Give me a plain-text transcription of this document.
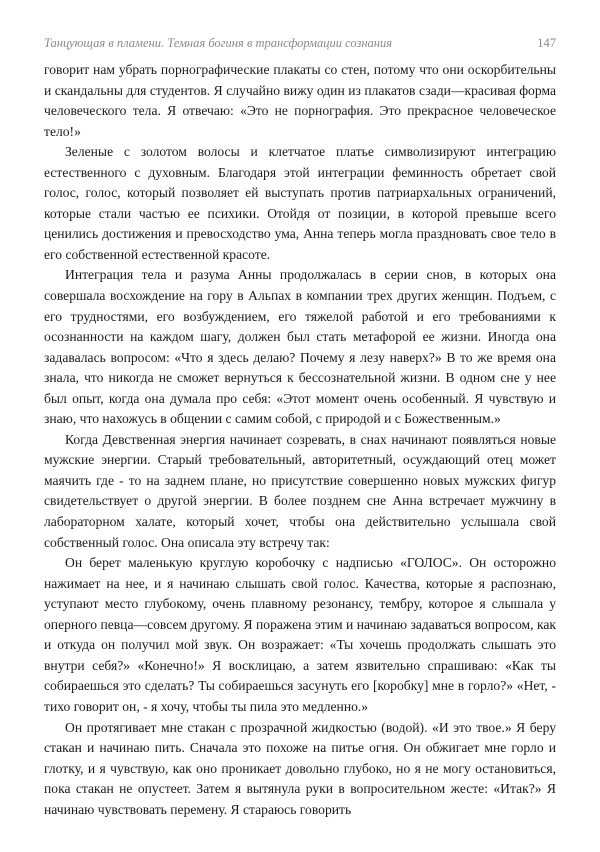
Танцующая в пламени. Темная богиня в трансформации сознания	147

говорит нам убрать порнографические плакаты со стен, потому что они оскорбительны и скандальны для студентов. Я случайно вижу один из плакатов сзади—красивая форма человеческого тела. Я отвечаю: «Это не порнография. Это прекрасное человеческое тело!»

Зеленые с золотом волосы и клетчатое платье символизируют интеграцию естественного с духовным. Благодаря этой интеграции феминность обретает свой голос, голос, который позволяет ей выступать против патриархальных ограничений, которые стали частью ее психики. Отойдя от позиции, в которой превыше всего ценились достижения и превосходство ума, Анна теперь могла праздновать свое тело в его собственной естественной красоте.

Интеграция тела и разума Анны продолжалась в серии снов, в которых она совершала восхождение на гору в Альпах в компании трех других женщин. Подъем, с его трудностями, его возбуждением, его тяжелой работой и его требованиями к осознанности на каждом шагу, должен был стать метафорой ее жизни. Иногда она задавалась вопросом: «Что я здесь делаю? Почему я лезу наверх?» В то же время она знала, что никогда не сможет вернуться к бессознательной жизни. В одном сне у нее был опыт, когда она думала про себя: «Этот момент очень особенный. Я чувствую и знаю, что нахожусь в общении с самим собой, с природой и с Божественным.»

Когда Девственная энергия начинает созревать, в снах начинают появляться новые мужские энергии. Старый требовательный, авторитетный, осуждающий отец может маячить где - то на заднем плане, но присутствие совершенно новых мужских фигур свидетельствует о другой энергии. В более позднем сне Анна встречает мужчину в лабораторном халате, который хочет, чтобы она действительно услышала свой собственный голос. Она описала эту встречу так:

Он берет маленькую круглую коробочку с надписью «ГОЛОС». Он осторожно нажимает на нее, и я начинаю слышать свой голос. Качества, которые я распознаю, уступают место глубокому, очень плавному резонансу, тембру, которое я слышала у оперного певца—совсем другому. Я поражена этим и начинаю задаваться вопросом, как и откуда он получил мой звук. Он возражает: «Ты хочешь продолжать слышать это внутри себя?» «Конечно!» Я восклицаю, а затем язвительно спрашиваю: «Как ты собираешься это сделать? Ты собираешься засунуть его [коробку] мне в горло?» «Нет, - тихо говорит он, - я хочу, чтобы ты пила это медленно.»

Он протягивает мне стакан с прозрачной жидкостью (водой). «И это твое.» Я беру стакан и начинаю пить. Сначала это похоже на питье огня. Он обжигает мне горло и глотку, и я чувствую, как оно проникает довольно глубоко, но я не могу остановиться, пока стакан не опустеет. Затем я вытянула руки в вопросительном жесте: «Итак?» Я начинаю чувствовать перемену. Я стараюсь говорить
